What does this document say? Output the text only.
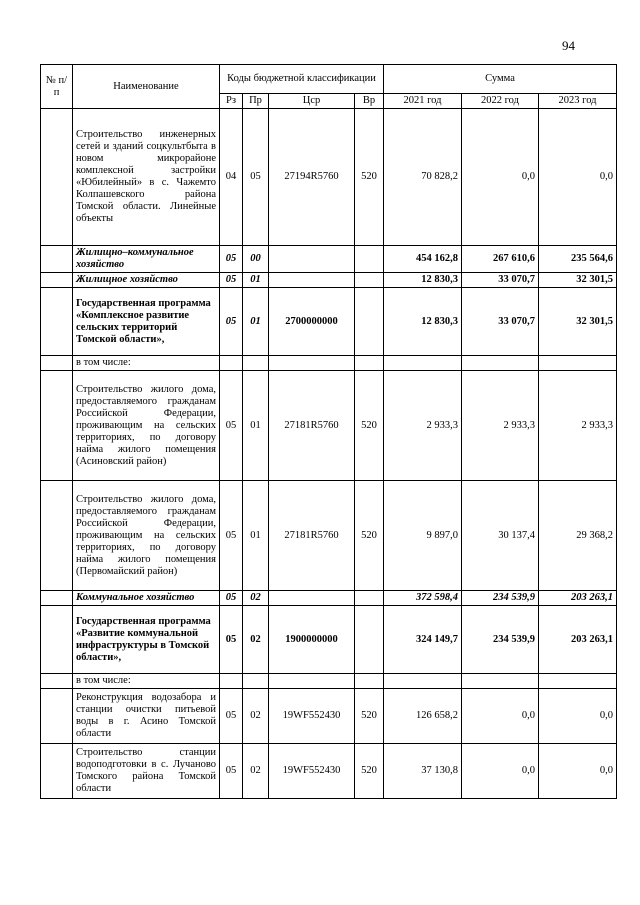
94
№ п/п	Наименование	Коды бюджетной классификации				Сумма		
		Рз	Пр	Цср	Вр	2021 год	2022 год	2023 год
	Строительство инженерных сетей и зданий соцкультбыта в новом микрорайоне комплексной застройки «Юбилейный» в с. Чажемто Колпашевского района Томской области. Линейные объекты	04	05	27194R5760	520	70 828,2	0,0	0,0
	Жилищно–коммунальное хозяйство	05	00			454 162,8	267 610,6	235 564,6
	Жилищное хозяйство	05	01			12 830,3	33 070,7	32 301,5
	Государственная программа «Комплексное развитие сельских территорий Томской области»,	05	01	2700000000		12 830,3	33 070,7	32 301,5
	в том числе:							
	Строительство жилого дома, предоставляемого гражданам Российской Федерации, проживающим на сельских территориях, по договору найма жилого помещения (Асиновский район)	05	01	27181R5760	520	2 933,3	2 933,3	2 933,3
	Строительство жилого дома, предоставляемого гражданам Российской Федерации, проживающим на сельских территориях, по договору найма жилого помещения (Первомайский район)	05	01	27181R5760	520	9 897,0	30 137,4	29 368,2
	Коммунальное хозяйство	05	02			372 598,4	234 539,9	203 263,1
	Государственная программа «Развитие коммунальной инфраструктуры в Томской области»,	05	02	1900000000		324 149,7	234 539,9	203 263,1
	в том числе:							
	Реконструкция водозабора и станции очистки питьевой воды в г. Асино Томской области	05	02	19WF552430	520	126 658,2	0,0	0,0
	Строительство станции водоподготовки в с. Лучаново Томского района Томской области	05	02	19WF552430	520	37 130,8	0,0	0,0
